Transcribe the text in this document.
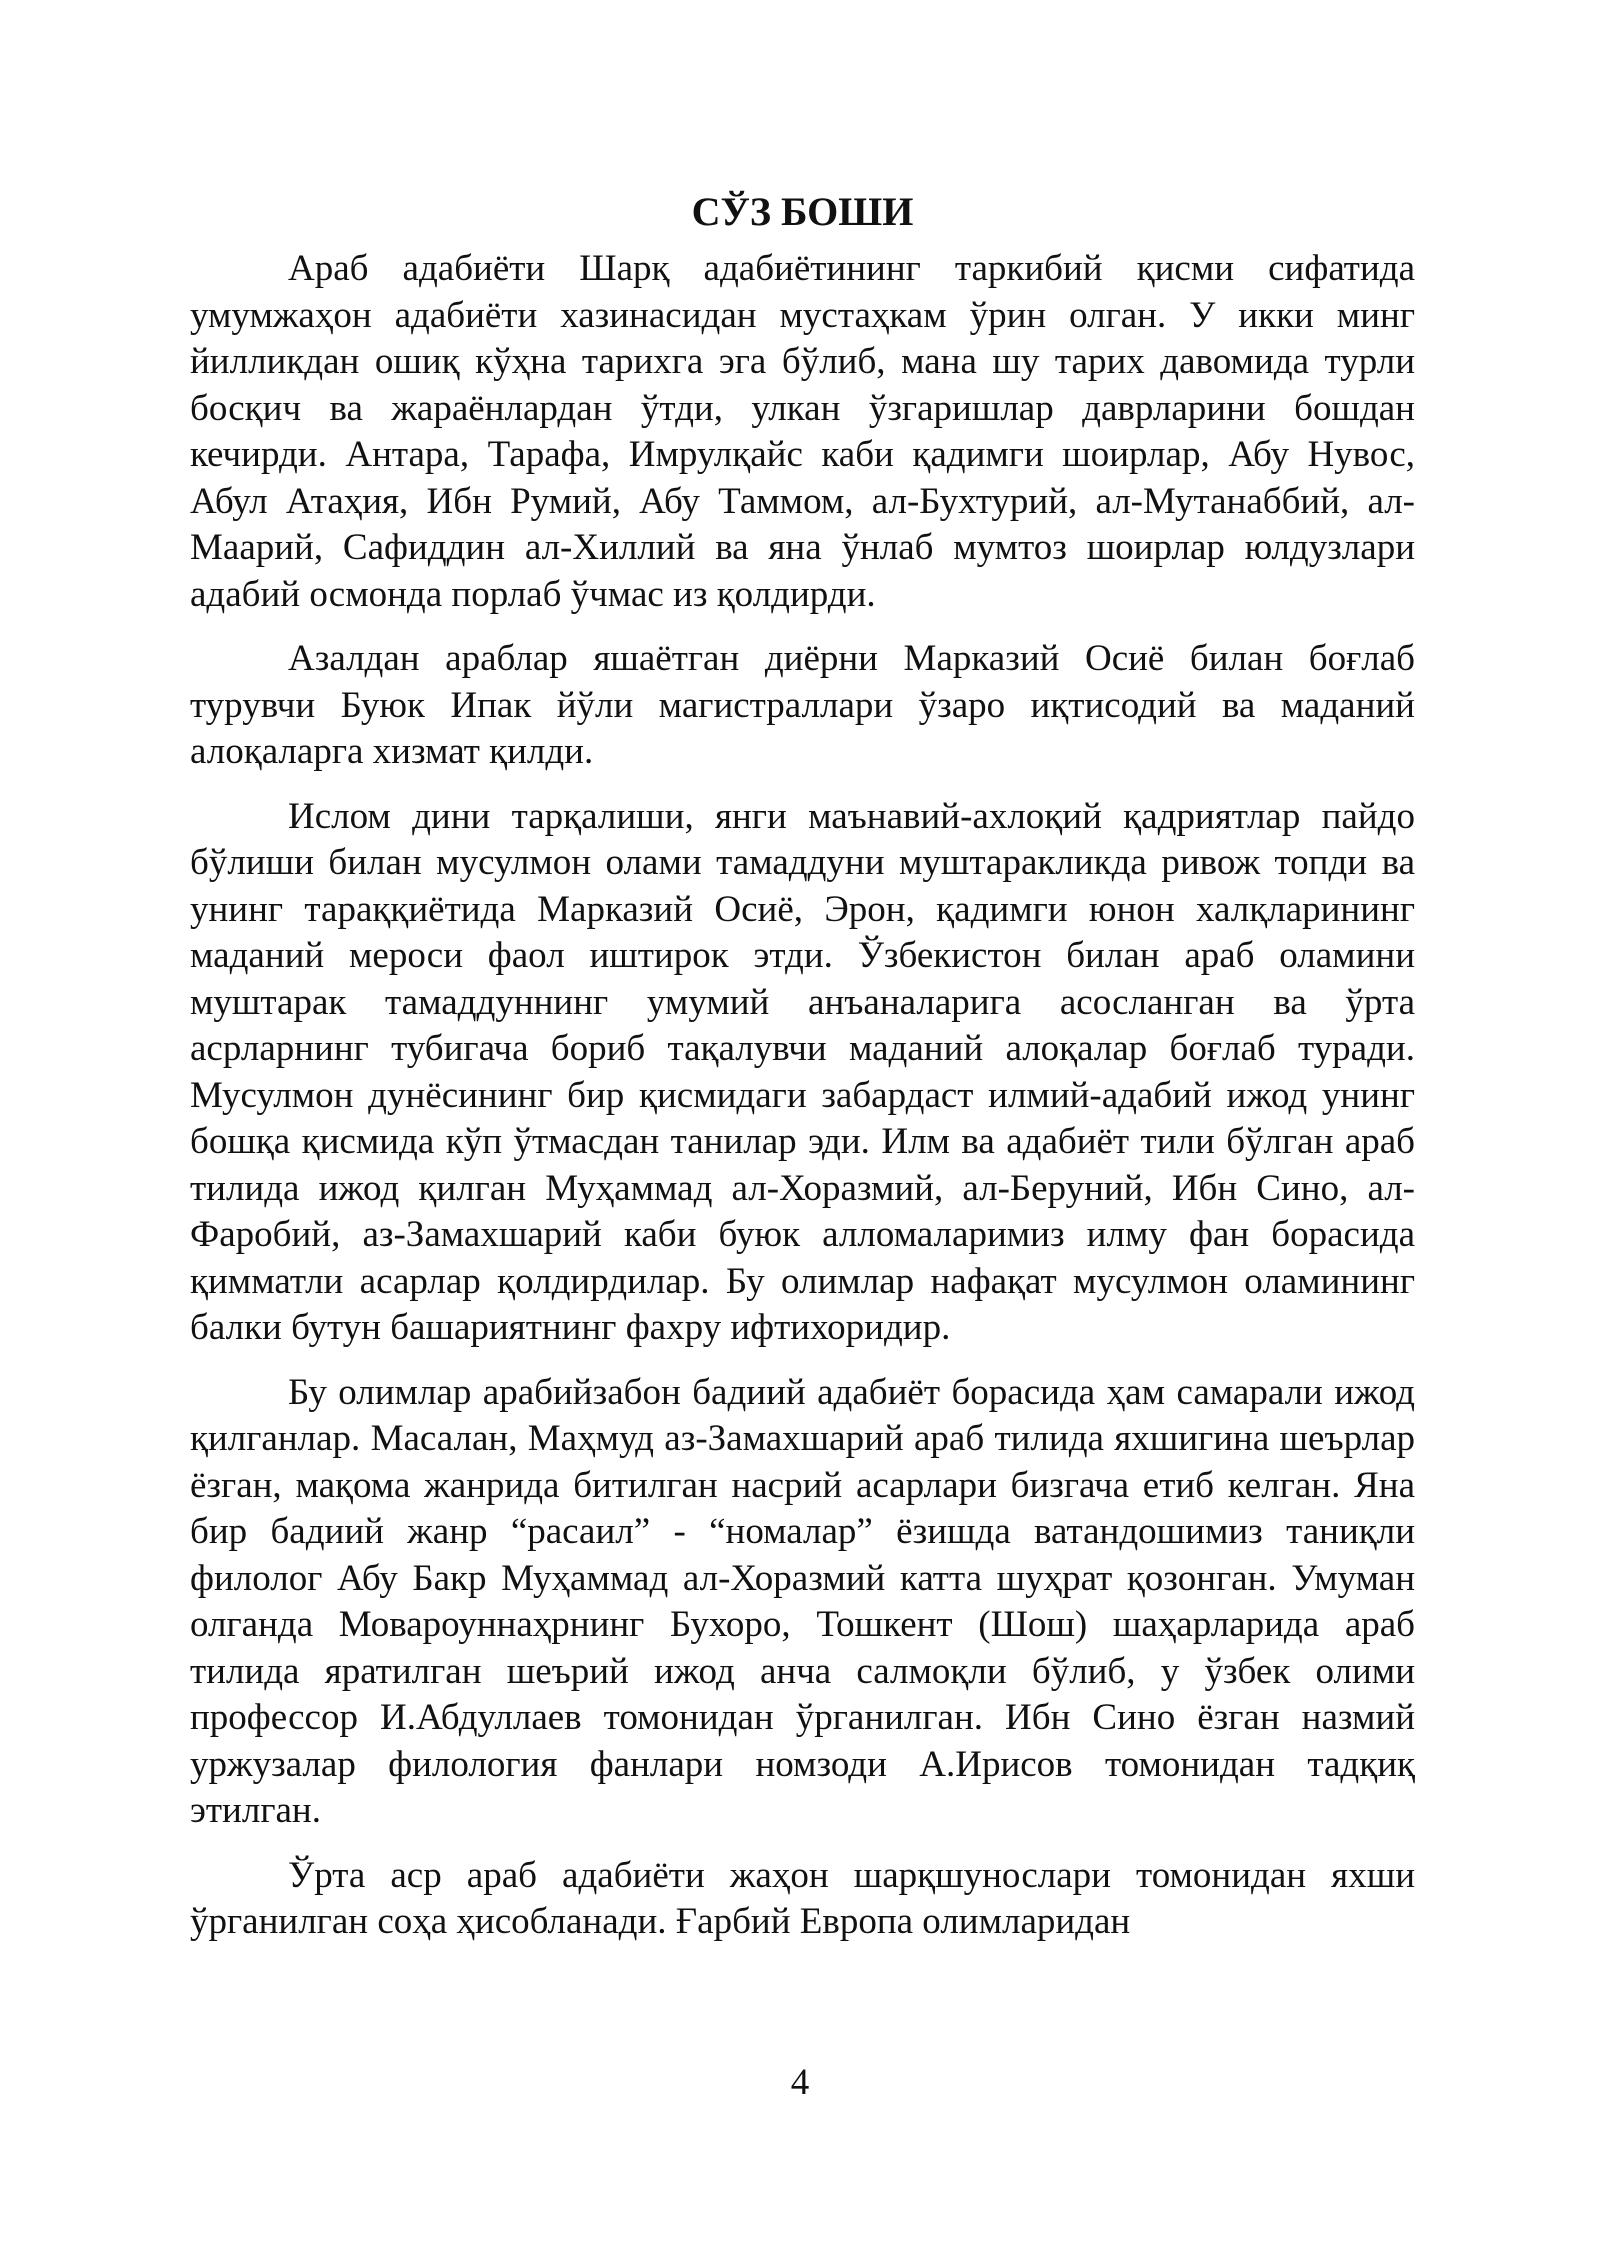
СЎЗ БОШИ

Араб адабиёти Шарқ адабиётининг таркибий қисми сифатида умумжаҳон адабиёти хазинасидан мустаҳкам ўрин олган. У икки минг йилликдан ошиқ кўҳна тарихга эга бўлиб, мана шу тарих давомида турли босқич ва жараёнлардан ўтди, улкан ўзгаришлар даврларини бошдан кечирди. Антара, Тарафа, Имрулқайс каби қадимги шоирлар, Абу Нувос, Абул Атаҳия, Ибн Румий, Абу Таммом, ал-Бухтурий, ал-Мутанаббий, ал-Маарий, Сафиддин ал-Хиллий ва яна ўнлаб мумтоз шоирлар юлдузлари адабий осмонда порлаб ўчмас из қолдирди.

Азалдан араблар яшаётган диёрни Марказий Осиё билан боғлаб турувчи Буюк Ипак йўли магистраллари ўзаро иқтисодий ва маданий алоқаларга хизмат қилди.

Ислом дини тарқалиши, янги маънавий-ахлоқий қадриятлар пайдо бўлиши билан мусулмон олами тамаддуни муштаракликда ривож топди ва унинг тараққиётида Марказий Осиё, Эрон, қадимги юнон халқларининг маданий мероси фаол иштирок этди. Ўзбекистон билан араб оламини муштарак тамаддуннинг умумий анъаналарига асосланган ва ўрта асрларнинг тубигача бориб тақалувчи маданий алоқалар боғлаб туради. Мусулмон дунёсининг бир қисмидаги забардаст илмий-адабий ижод унинг бошқа қисмида кўп ўтмасдан танилар эди. Илм ва адабиёт тили бўлган араб тилида ижод қилган Муҳаммад ал-Хоразмий, ал-Беруний, Ибн Сино, ал-Фаробий, аз-Замахшарий каби буюк алломаларимиз илму фан борасида қимматли асарлар қолдирдилар. Бу олимлар нафақат мусулмон оламининг балки бутун башариятнинг фахру ифтихоридир.

Бу олимлар арабийзабон бадиий адабиёт борасида ҳам самарали ижод қилганлар. Масалан, Маҳмуд аз-Замахшарий араб тилида яхшигина шеърлар ёзган, мақома жанрида битилган насрий асарлари бизгача етиб келган. Яна бир бадиий жанр “расаил” - “номалар” ёзишда ватандошимиз таниқли филолог Абу Бакр Муҳаммад ал-Хоразмий катта шуҳрат қозонган. Умуман олганда Мовароуннаҳрнинг Бухоро, Тошкент (Шош) шаҳарларида араб тилида яратилган шеърий ижод анча салмоқли бўлиб, у ўзбек олими профессор И.Абдуллаев томонидан ўрганилган. Ибн Сино ёзган назмий уржузалар филология фанлари номзоди А.Ирисов томонидан тадқиқ этилган.

Ўрта аср араб адабиёти жаҳон шарқшунослари томонидан яхши ўрганилган соҳа ҳисобланади. Ғарбий Европа олимларидан

4
